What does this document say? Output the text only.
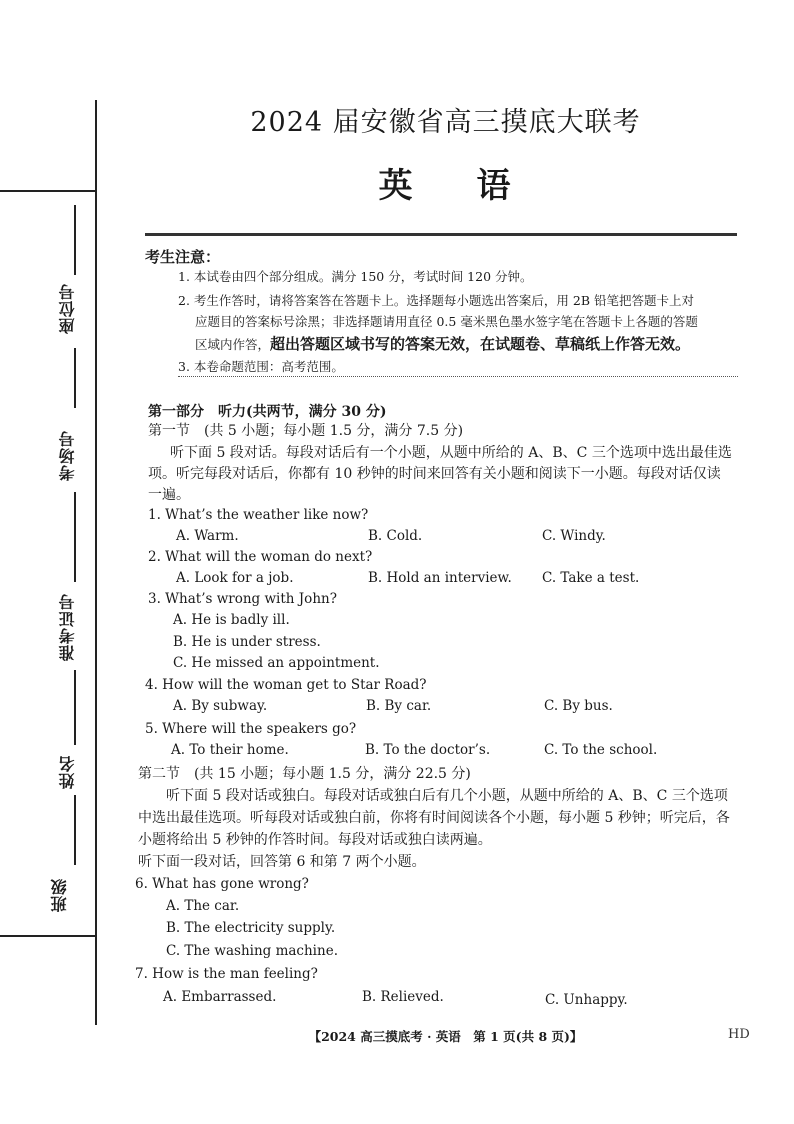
座位号
考场号
准考证号
姓名
班级
2024 届安徽省高三摸底大联考
英 语
考生注意：
1. 本试卷由四个部分组成。满分 150 分，考试时间 120 分钟。
2. 考生作答时，请将答案答在答题卡上。选择题每小题选出答案后，用 2B 铅笔把答题卡上对
应题目的答案标号涂黑；非选择题请用直径 0.5 毫米黑色墨水签字笔在答题卡上各题的答题
区域内作答，超出答题区域书写的答案无效，在试题卷、草稿纸上作答无效。
3. 本卷命题范围：高考范围。
第一部分　听力(共两节，满分 30 分)
第一节　(共 5 小题；每小题 1.5 分，满分 7.5 分)
听下面 5 段对话。每段对话后有一个小题，从题中所给的 A、B、C 三个选项中选出最佳选
项。听完每段对话后，你都有 10 秒钟的时间来回答有关小题和阅读下一小题。每段对话仅读
一遍。
1. What’s the weather like now?
A. Warm.	B. Cold.	C. Windy.
2. What will the woman do next?
A. Look for a job.	B. Hold an interview. C. Take a test.
3. What’s wrong with John?
A. He is badly ill.
B. He is under stress.
C. He missed an appointment.
4. How will the woman get to Star Road?
A. By subway.	B. By car.	C. By bus.
5. Where will the speakers go?
A. To their home.	B. To the doctor’s.	C. To the school.
第二节　(共 15 小题；每小题 1.5 分，满分 22.5 分)
听下面 5 段对话或独白。每段对话或独白后有几个小题，从题中所给的 A、B、C 三个选项
中选出最佳选项。听每段对话或独白前，你将有时间阅读各个小题，每小题 5 秒钟；听完后，各
小题将给出 5 秒钟的作答时间。每段对话或独白读两遍。
听下面一段对话，回答第 6 和第 7 两个小题。
6. What has gone wrong?
A. The car.
B. The electricity supply.
C. The washing machine.
7. How is the man feeling?
A. Embarrassed.	B. Relieved.	C. Unhappy.
【2024 高三摸底考 · 英语　第 1 页(共 8 页)】	HD
